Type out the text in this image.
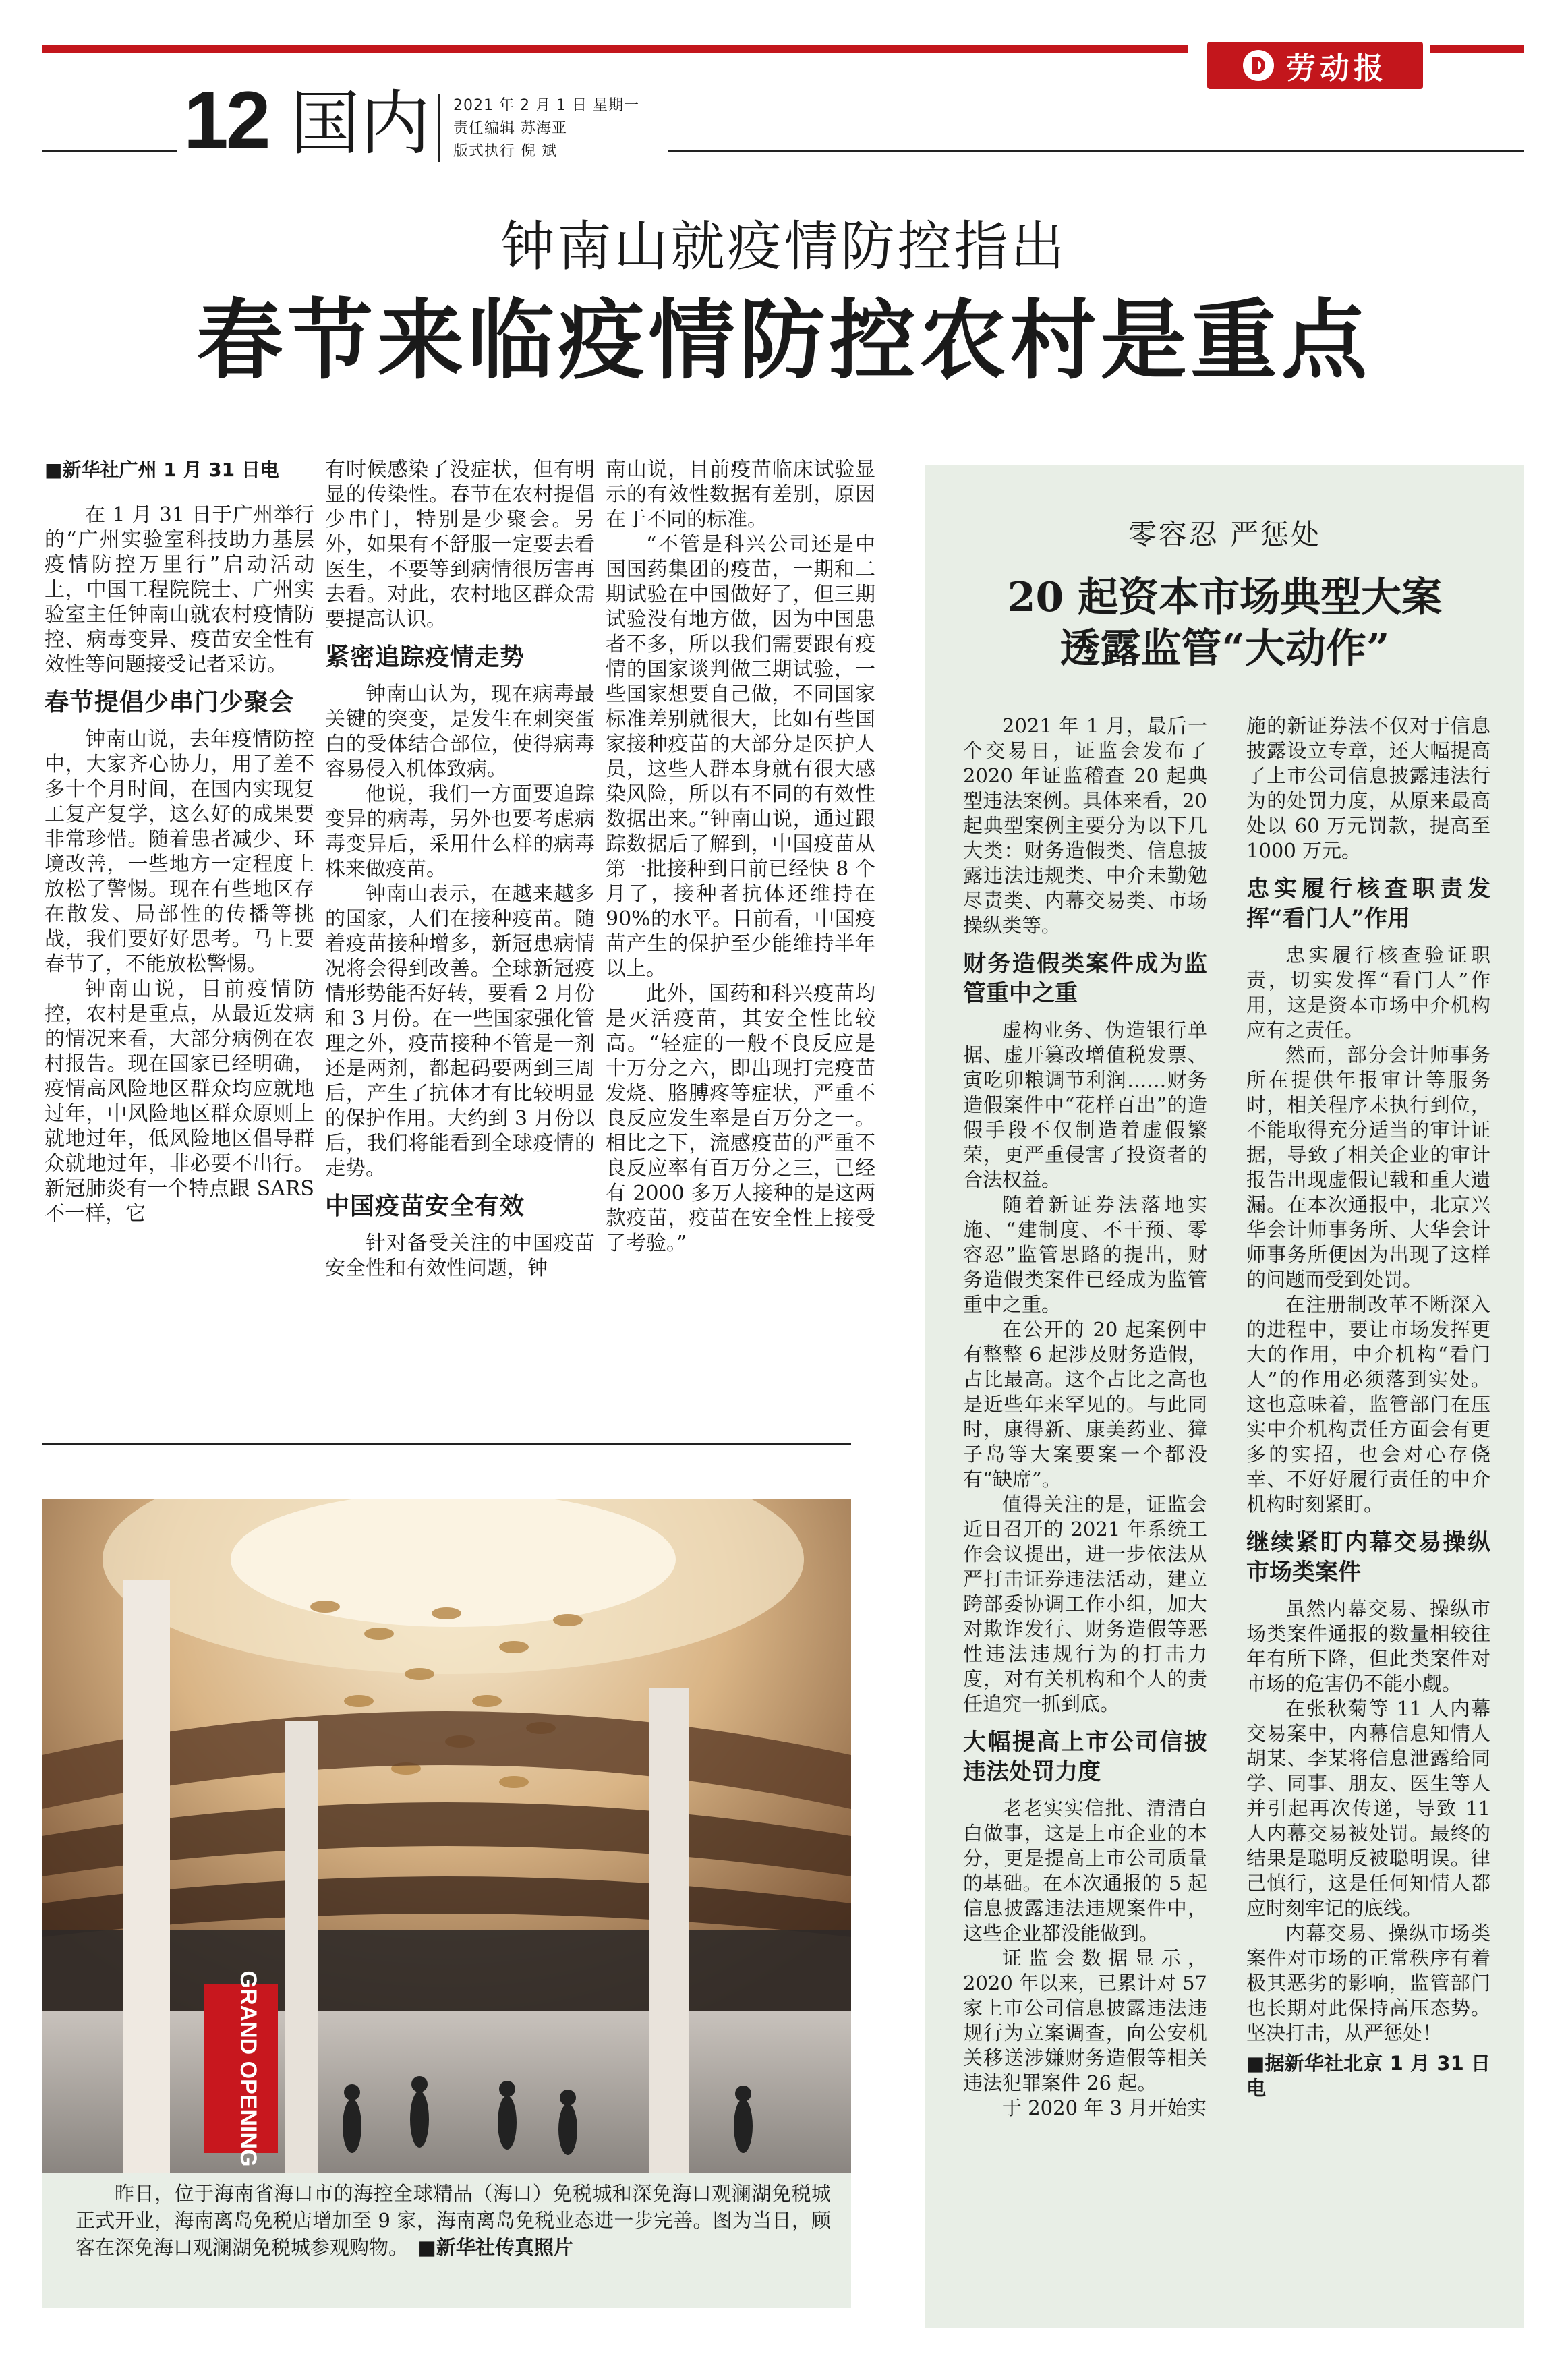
劳动报
12 国内 2021 年 2 月 1 日 星期一
责任编辑 苏海亚
版式执行 倪 斌
钟南山就疫情防控指出
春节来临疫情防控农村是重点

■新华社广州 1 月 31 日电

在 1 月 31 日于广州举行的“广州实验室科技助力基层疫情防控万里行”启动活动上，中国工程院院士、广州实验室主任钟南山就农村疫情防控、病毒变异、疫苗安全性有效性等问题接受记者采访。

春节提倡少串门少聚会

钟南山说，去年疫情防控中，大家齐心协力，用了差不多十个月时间，在国内实现复工复产复学，这么好的成果要非常珍惜。随着患者减少、环境改善，一些地方一定程度上放松了警惕。现在有些地区存在散发、局部性的传播等挑战，我们要好好思考。马上要春节了，不能放松警惕。

钟南山说，目前疫情防控，农村是重点，从最近发病的情况来看，大部分病例在农村报告。现在国家已经明确，疫情高风险地区群众均应就地过年，中风险地区群众原则上就地过年，低风险地区倡导群众就地过年，非必要不出行。新冠肺炎有一个特点跟 SARS 不一样，它

有时候感染了没症状，但有明显的传染性。春节在农村提倡少串门，特别是少聚会。另外，如果有不舒服一定要去看医生，不要等到病情很厉害再去看。对此，农村地区群众需要提高认识。

紧密追踪疫情走势

钟南山认为，现在病毒最关键的突变，是发生在刺突蛋白的受体结合部位，使得病毒容易侵入机体致病。

他说，我们一方面要追踪变异的病毒，另外也要考虑病毒变异后，采用什么样的病毒株来做疫苗。

钟南山表示，在越来越多的国家，人们在接种疫苗。随着疫苗接种增多，新冠患病情况将会得到改善。全球新冠疫情形势能否好转，要看 2 月份和 3 月份。在一些国家强化管理之外，疫苗接种不管是一剂还是两剂，都起码要两到三周后，产生了抗体才有比较明显的保护作用。大约到 3 月份以后，我们将能看到全球疫情的走势。

中国疫苗安全有效

针对备受关注的中国疫苗安全性和有效性问题，钟

南山说，目前疫苗临床试验显示的有效性数据有差别，原因在于不同的标准。

“不管是科兴公司还是中国国药集团的疫苗，一期和二期试验在中国做好了，但三期试验没有地方做，因为中国患者不多，所以我们需要跟有疫情的国家谈判做三期试验，一些国家想要自己做，不同国家标准差别就很大，比如有些国家接种疫苗的大部分是医护人员，这些人群本身就有很大感染风险，所以有不同的有效性数据出来。”钟南山说，通过跟踪数据后了解到，中国疫苗从第一批接种到目前已经快 8 个月了，接种者抗体还维持在 90%的水平。目前看，中国疫苗产生的保护至少能维持半年以上。

此外，国药和科兴疫苗均是灭活疫苗，其安全性比较高。“轻症的一般不良反应是十万分之六，即出现打完疫苗发烧、胳膊疼等症状，严重不良反应发生率是百万分之一。相比之下，流感疫苗的严重不良反应率有百万分之三，已经有 2000 多万人接种的是这两款疫苗，疫苗在安全性上接受了考验。”

零容忍 严惩处
20 起资本市场典型大案
透露监管“大动作”

2021 年 1 月，最后一个交易日，证监会发布了 2020 年证监稽查 20 起典型违法案例。具体来看，20 起典型案例主要分为以下几大类：财务造假类、信息披露违法违规类、中介未勤勉尽责类、内幕交易类、市场操纵类等。

财务造假类案件成为监管重中之重

虚构业务、伪造银行单据、虚开篡改增值税发票、寅吃卯粮调节利润……财务造假案件中“花样百出”的造假手段不仅制造着虚假繁荣，更严重侵害了投资者的合法权益。

随着新证券法落地实施、“建制度、不干预、零容忍”监管思路的提出，财务造假类案件已经成为监管重中之重。

在公开的 20 起案例中有整整 6 起涉及财务造假，占比最高。这个占比之高也是近些年来罕见的。与此同时，康得新、康美药业、獐子岛等大案要案一个都没有“缺席”。

值得关注的是，证监会近日召开的 2021 年系统工作会议提出，进一步依法从严打击证券违法活动，建立跨部委协调工作小组，加大对欺诈发行、财务造假等恶性违法违规行为的打击力度，对有关机构和个人的责任追究一抓到底。

大幅提高上市公司信披违法处罚力度

老老实实信批、清清白白做事，这是上市企业的本分，更是提高上市公司质量的基础。在本次通报的 5 起信息披露违法违规案件中，这些企业都没能做到。

证监会数据显示，2020 年以来，已累计对 57 家上市公司信息披露违法违规行为立案调查，向公安机关移送涉嫌财务造假等相关违法犯罪案件 26 起。

于 2020 年 3 月开始实

施的新证券法不仅对于信息披露设立专章，还大幅提高了上市公司信息披露违法行为的处罚力度，从原来最高处以 60 万元罚款，提高至 1000 万元。

忠实履行核查职责发挥“看门人”作用

忠实履行核查验证职责，切实发挥“看门人”作用，这是资本市场中介机构应有之责任。

然而，部分会计师事务所在提供年报审计等服务时，相关程序未执行到位，不能取得充分适当的审计证据，导致了相关企业的审计报告出现虚假记载和重大遗漏。在本次通报中，北京兴华会计师事务所、大华会计师事务所便因为出现了这样的问题而受到处罚。

在注册制改革不断深入的进程中，要让市场发挥更大的作用，中介机构“看门人”的作用必须落到实处。这也意味着，监管部门在压实中介机构责任方面会有更多的实招，也会对心存侥幸、不好好履行责任的中介机构时刻紧盯。

继续紧盯内幕交易操纵市场类案件

虽然内幕交易、操纵市场类案件通报的数量相较往年有所下降，但此类案件对市场的危害仍不能小觑。

在张秋菊等 11 人内幕交易案中，内幕信息知情人胡某、李某将信息泄露给同学、同事、朋友、医生等人并引起再次传递，导致 11 人内幕交易被处罚。最终的结果是聪明反被聪明误。律己慎行，这是任何知情人都应时刻牢记的底线。

内幕交易、操纵市场类案件对市场的正常秩序有着极其恶劣的影响，监管部门也长期对此保持高压态势。坚决打击，从严惩处！

■据新华社北京 1 月 31 日电

GRAND OPENING

昨日，位于海南省海口市的海控全球精品（海口）免税城和深免海口观澜湖免税城正式开业，海南离岛免税店增加至 9 家，海南离岛免税业态进一步完善。图为当日，顾客在深免海口观澜湖免税城参观购物。　 ■新华社传真照片
